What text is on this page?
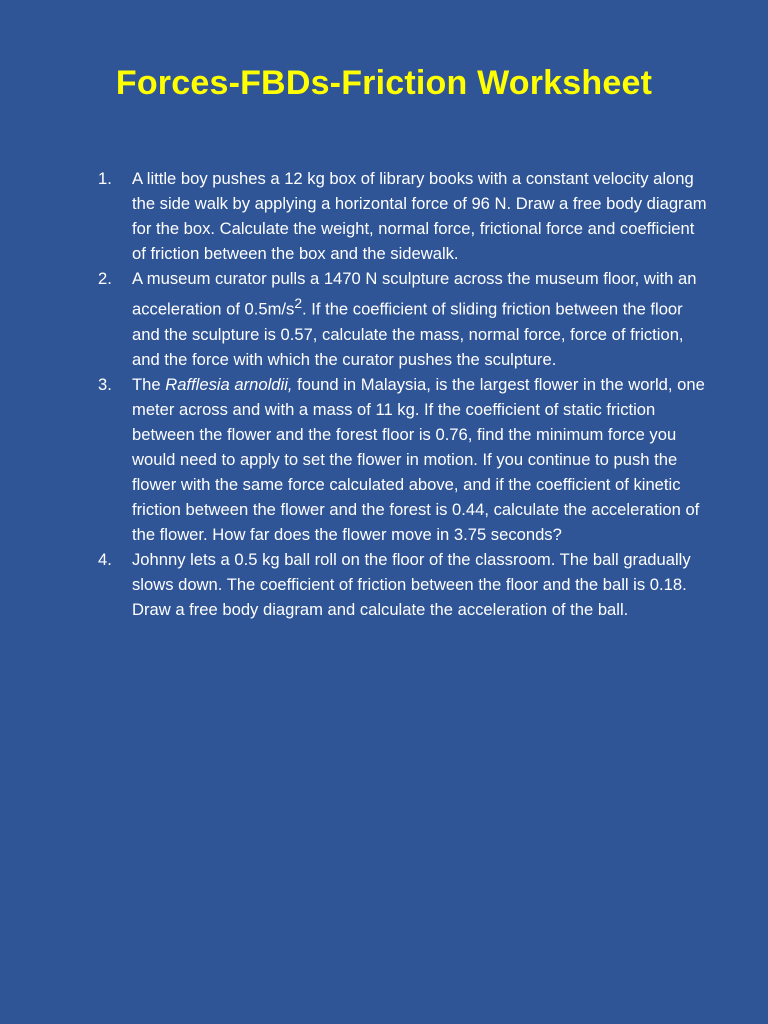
Forces-FBDs-Friction Worksheet
1.	A little boy pushes a 12 kg box of library books with a constant velocity along the side walk by applying a horizontal force of 96 N. Draw a free body diagram for the box. Calculate the weight, normal force, frictional force and coefficient of friction between the box and the sidewalk.
2.	A museum curator pulls a 1470 N sculpture across the museum floor, with an acceleration of $0.5m/s^2$. If the coefficient of sliding friction between the floor and the sculpture is 0.57, calculate the mass, normal force, force of friction, and the force with which the curator pushes the sculpture.
3.	The Rafflesia arnoldii, found in Malaysia, is the largest flower in the world, one meter across and with a mass of 11 kg. If the coefficient of static friction between the flower and the forest floor is 0.76, find the minimum force you would need to apply to set the flower in motion. If you continue to push the flower with the same force calculated above, and if the coefficient of kinetic friction between the flower and the forest is 0.44, calculate the acceleration of the flower. How far does the flower move in 3.75 seconds?
4.	Johnny lets a 0.5 kg ball roll on the floor of the classroom. The ball gradually slows down. The coefficient of friction between the floor and the ball is 0.18. Draw a free body diagram and calculate the acceleration of the ball.
